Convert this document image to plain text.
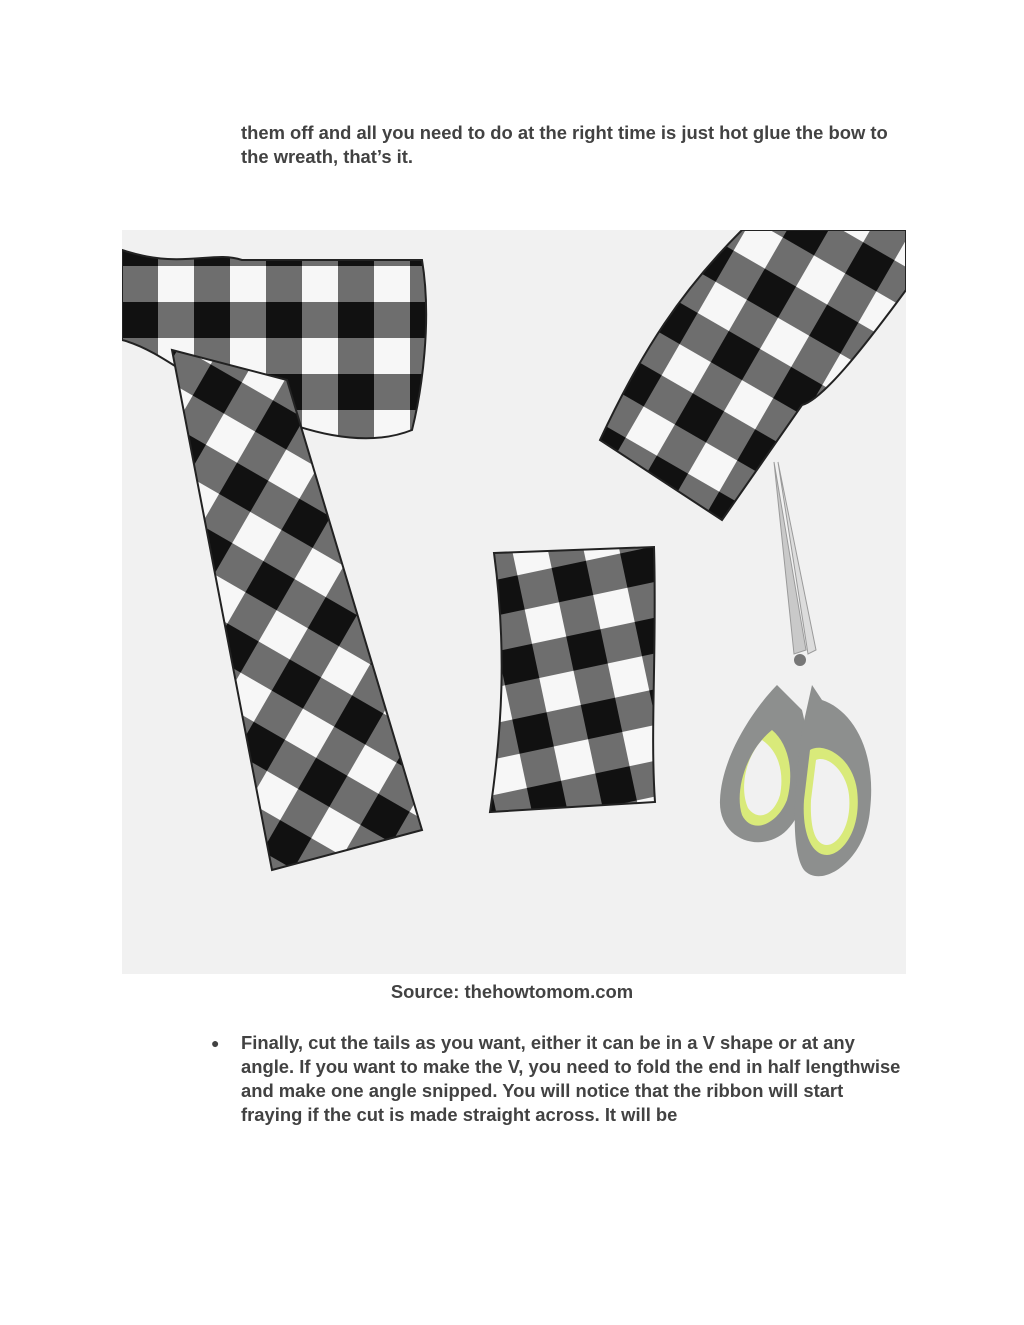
them off and all you need to do at the right time is just hot glue the bow to the wreath, that’s it.

Source: thehowtomom.com
● Finally, cut the tails as you want, either it can be in a V shape or at any angle. If you want to make the V, you need to fold the end in half lengthwise and make one angle snipped. You will notice that the ribbon will start fraying if the cut is made straight across. It will be
